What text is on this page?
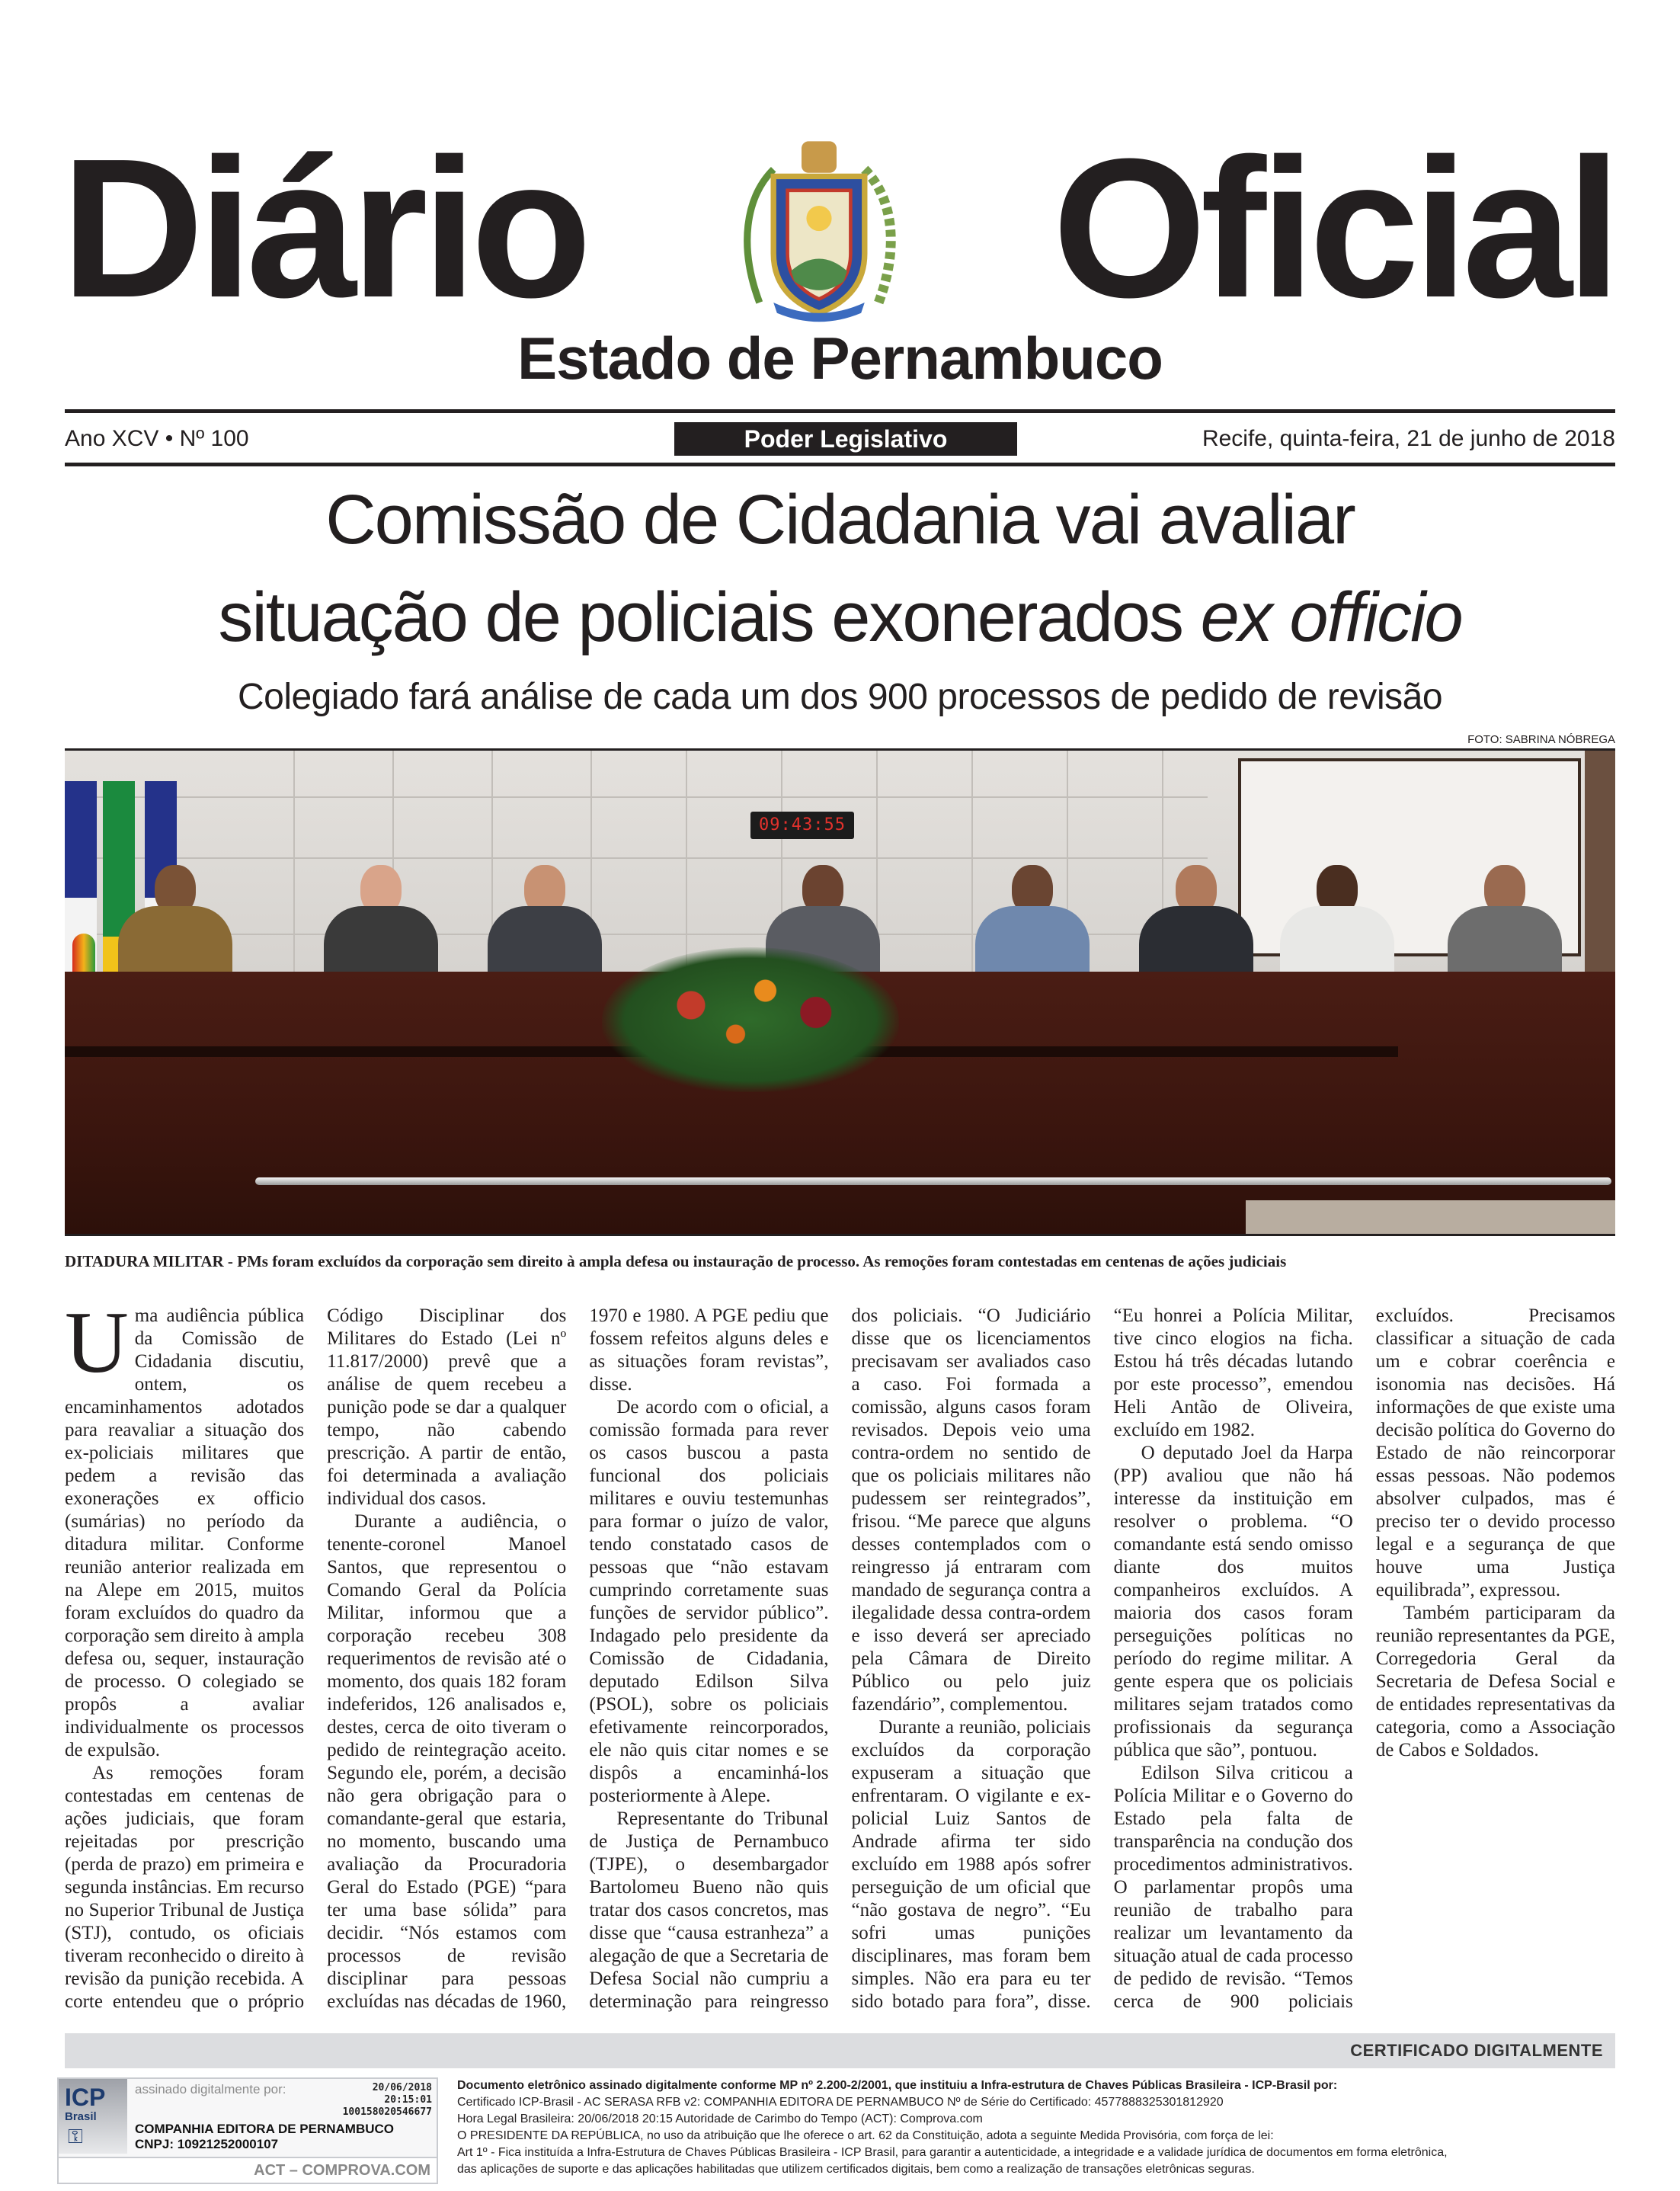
Diário	Oficial
Estado de Pernambuco
Ano XCV • Nº 100	Poder Legislativo	Recife, quinta-feira, 21 de junho de 2018
Comissão de Cidadania vai avaliar
situação de policiais exonerados ex officio
Colegiado fará análise de cada um dos 900 processos de pedido de revisão
FOTO: SABRINA NÓBREGA
09:43:55
DITADURA MILITAR - PMs foram excluídos da corporação sem direito à ampla defesa ou instauração de processo. As remoções foram contestadas em centenas de ações judiciais

Uma audiência pública da Comissão de Cidadania discutiu, ontem, os encaminhamentos adotados para reavaliar a situação dos ex-policiais militares que pedem a revisão das exonerações ex officio (sumárias) no período da ditadura militar. Conforme reunião anterior realizada em na Alepe em 2015, muitos foram excluídos do quadro da corporação sem direito à ampla defesa ou, sequer, instauração de processo. O colegiado se propôs a avaliar individualmente os processos de expulsão.

As remoções foram contestadas em centenas de ações judiciais, que foram rejeitadas por prescrição (perda de prazo) em primeira e segunda instâncias. Em recurso no Superior Tribunal de Justiça (STJ), contudo, os oficiais tiveram reconhecido o direito à revisão da punição recebida. A corte entendeu que o próprio Código Disciplinar dos Militares do Estado (Lei nº 11.817/2000) prevê que a análise de quem recebeu a punição pode se dar a qualquer tempo, não cabendo prescrição. A partir de então, foi determinada a avaliação individual dos casos.

Durante a audiência, o tenente-coronel Manoel Santos, que representou o Comando Geral da Polícia Militar, informou que a corporação recebeu 308 requerimentos de revisão até o momento, dos quais 182 foram indeferidos, 126 analisados e, destes, cerca de oito tiveram o pedido de reintegração aceito. Segundo ele, porém, a decisão não gera obrigação para o comandante-geral que estaria, no momento, buscando uma avaliação da Procuradoria Geral do Estado (PGE) “para ter uma base sólida” para decidir. “Nós estamos com processos de revisão disciplinar para pessoas excluídas nas décadas de 1960, 1970 e 1980. A PGE pediu que fossem refeitos alguns deles e as situações foram revistas”, disse.

De acordo com o oficial, a comissão formada para rever os casos buscou a pasta funcional dos policiais militares e ouviu testemunhas para formar o juízo de valor, tendo constatado casos de pessoas que “não estavam cumprindo corretamente suas funções de servidor público”. Indagado pelo presidente da Comissão de Cidadania, deputado Edilson Silva (PSOL), sobre os policiais efetivamente reincorporados, ele não quis citar nomes e se dispôs a encaminhá-los posteriormente à Alepe.

Representante do Tribunal de Justiça de Pernambuco (TJPE), o desembargador Bartolomeu Bueno não quis tratar dos casos concretos, mas disse que “causa estranheza” a alegação de que a Secretaria de Defesa Social não cumpriu a determinação para reingresso dos policiais. “O Judiciário disse que os licenciamentos precisavam ser avaliados caso a caso. Foi formada a comissão, alguns casos foram revisados. Depois veio uma contra-ordem no sentido de que os policiais militares não pudessem ser reintegrados”, frisou. “Me parece que alguns desses contemplados com o reingresso já entraram com mandado de segurança contra a ilegalidade dessa contra-ordem e isso deverá ser apreciado pela Câmara de Direito Público ou pelo juiz fazendário”, complementou.

Durante a reunião, policiais excluídos da corporação expuseram a situação que enfrentaram. O vigilante e ex-policial Luiz Santos de Andrade afirma ter sido excluído em 1988 após sofrer perseguição de um oficial que “não gostava de negro”. “Eu sofri umas punições disciplinares, mas foram bem simples. Não era para eu ter sido botado para fora”, disse. “Eu honrei a Polícia Militar, tive cinco elogios na ficha. Estou há três décadas lutando por este processo”, emendou Heli Antão de Oliveira, excluído em 1982.

O deputado Joel da Harpa (PP) avaliou que não há interesse da instituição em resolver o problema. “O comandante está sendo omisso diante dos muitos companheiros excluídos. A maioria dos casos foram perseguições políticas no período do regime militar. A gente espera que os policiais militares sejam tratados como profissionais da segurança pública que são”, pontuou.

Edilson Silva criticou a Polícia Militar e o Governo do Estado pela falta de transparência na condução dos procedimentos administrativos. O parlamentar propôs uma reunião de trabalho para realizar um levantamento da situação atual de cada processo de pedido de revisão. “Temos cerca de 900 policiais excluídos. Precisamos classificar a situação de cada um e cobrar coerência e isonomia nas decisões. Há informações de que existe uma decisão política do Governo do Estado de não reincorporar essas pessoas. Não podemos absolver culpados, mas é preciso ter o devido processo legal e a segurança de que houve uma Justiça equilibrada”, expressou.

Também participaram da reunião representantes da PGE, Corregedoria Geral da Secretaria de Defesa Social e de entidades representativas da categoria, como a Associação de Cabos e Soldados.

CERTIFICADO DIGITALMENTE
ICP
Brasil
⚿
assinado digitalmente por:	20/06/2018
20:15:01
100158020546677
COMPANHIA EDITORA DE PERNAMBUCO
CNPJ: 10921252000107
ACT – COMPROVA.COM
Documento eletrônico assinado digitalmente conforme MP nº 2.200-2/2001, que instituiu a Infra-estrutura de Chaves Públicas Brasileira - ICP-Brasil por:
Certificado ICP-Brasil - AC SERASA RFB v2: COMPANHIA EDITORA DE PERNAMBUCO Nº de Série do Certificado: 4577888325301812920
Hora Legal Brasileira: 20/06/2018 20:15 Autoridade de Carimbo do Tempo (ACT): Comprova.com
O PRESIDENTE DA REPÚBLICA, no uso da atribuição que lhe oferece o art. 62 da Constituição, adota a seguinte Medida Provisória, com força de lei:
Art 1º - Fica instituída a Infra-Estrutura de Chaves Públicas Brasileira - ICP Brasil, para garantir a autenticidade, a integridade e a validade jurídica de documentos em forma eletrônica,
das aplicações de suporte e das aplicações habilitadas que utilizem certificados digitais, bem como a realização de transações eletrônicas seguras.
